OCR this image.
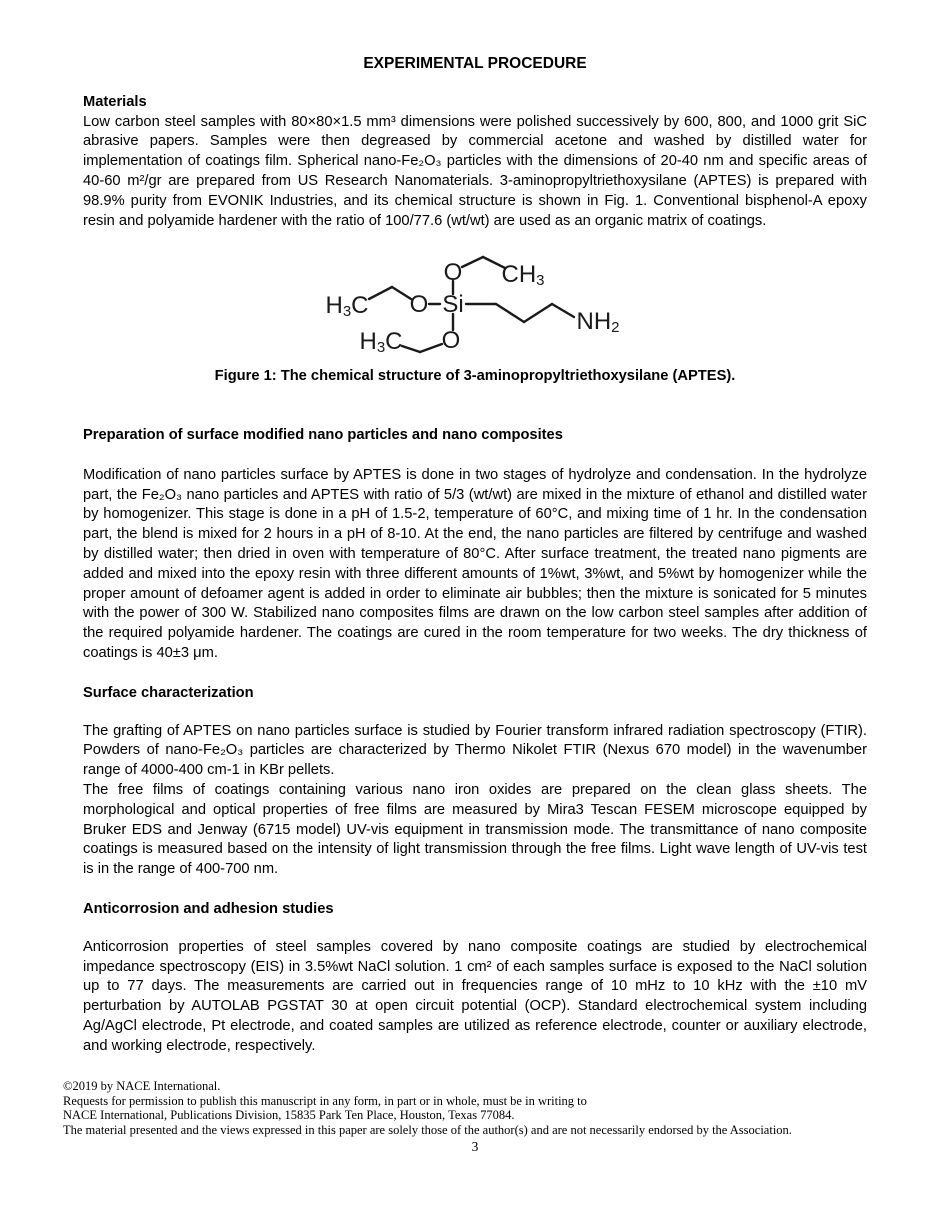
EXPERIMENTAL PROCEDURE
Materials

Low carbon steel samples with 80×80×1.5 mm³ dimensions were polished successively by 600, 800, and 1000 grit SiC abrasive papers. Samples were then degreased by commercial acetone and washed by distilled water for implementation of coatings film. Spherical nano-Fe₂O₃ particles with the dimensions of 20-40 nm and specific areas of 40-60 m²/gr are prepared from US Research Nanomaterials. 3-aminopropyltriethoxysilane (APTES) is prepared with 98.9% purity from EVONIK Industries, and its chemical structure is shown in Fig. 1. Conventional bisphenol-A epoxy resin and polyamide hardener with the ratio of 100/77.6 (wt/wt) are used as an organic matrix of coatings.

$H_3C$ O Si
O $CH_3$
O
$H_3C$
$NH_2$

Figure 1: The chemical structure of 3-aminopropyltriethoxysilane (APTES).

Preparation of surface modified nano particles and nano composites

Modification of nano particles surface by APTES is done in two stages of hydrolyze and condensation. In the hydrolyze part, the Fe₂O₃ nano particles and APTES with ratio of 5/3 (wt/wt) are mixed in the mixture of ethanol and distilled water by homogenizer. This stage is done in a pH of 1.5-2, temperature of 60°C, and mixing time of 1 hr. In the condensation part, the blend is mixed for 2 hours in a pH of 8-10. At the end, the nano particles are filtered by centrifuge and washed by distilled water; then dried in oven with temperature of 80°C. After surface treatment, the treated nano pigments are added and mixed into the epoxy resin with three different amounts of 1%wt, 3%wt, and 5%wt by homogenizer while the proper amount of defoamer agent is added in order to eliminate air bubbles; then the mixture is sonicated for 5 minutes with the power of 300 W. Stabilized nano composites films are drawn on the low carbon steel samples after addition of the required polyamide hardener. The coatings are cured in the room temperature for two weeks. The dry thickness of coatings is 40±3 μm.

Surface characterization

The grafting of APTES on nano particles surface is studied by Fourier transform infrared radiation spectroscopy (FTIR). Powders of nano-Fe₂O₃ particles are characterized by Thermo Nikolet FTIR (Nexus 670 model) in the wavenumber range of 4000-400 cm-1 in KBr pellets.

The free films of coatings containing various nano iron oxides are prepared on the clean glass sheets. The morphological and optical properties of free films are measured by Mira3 Tescan FESEM microscope equipped by Bruker EDS and Jenway (6715 model) UV-vis equipment in transmission mode. The transmittance of nano composite coatings is measured based on the intensity of light transmission through the free films. Light wave length of UV-vis test is in the range of 400-700 nm.

Anticorrosion and adhesion studies

Anticorrosion properties of steel samples covered by nano composite coatings are studied by electrochemical impedance spectroscopy (EIS) in 3.5%wt NaCl solution. 1 cm² of each samples surface is exposed to the NaCl solution up to 77 days. The measurements are carried out in frequencies range of 10 mHz to 10 kHz with the ±10 mV perturbation by AUTOLAB PGSTAT 30 at open circuit potential (OCP). Standard electrochemical system including Ag/AgCl electrode, Pt electrode, and coated samples are utilized as reference electrode, counter or auxiliary electrode, and working electrode, respectively.

©2019 by NACE International.
Requests for permission to publish this manuscript in any form, in part or in whole, must be in writing to
NACE International, Publications Division, 15835 Park Ten Place, Houston, Texas 77084.
The material presented and the views expressed in this paper are solely those of the author(s) and are not necessarily endorsed by the Association.
3
